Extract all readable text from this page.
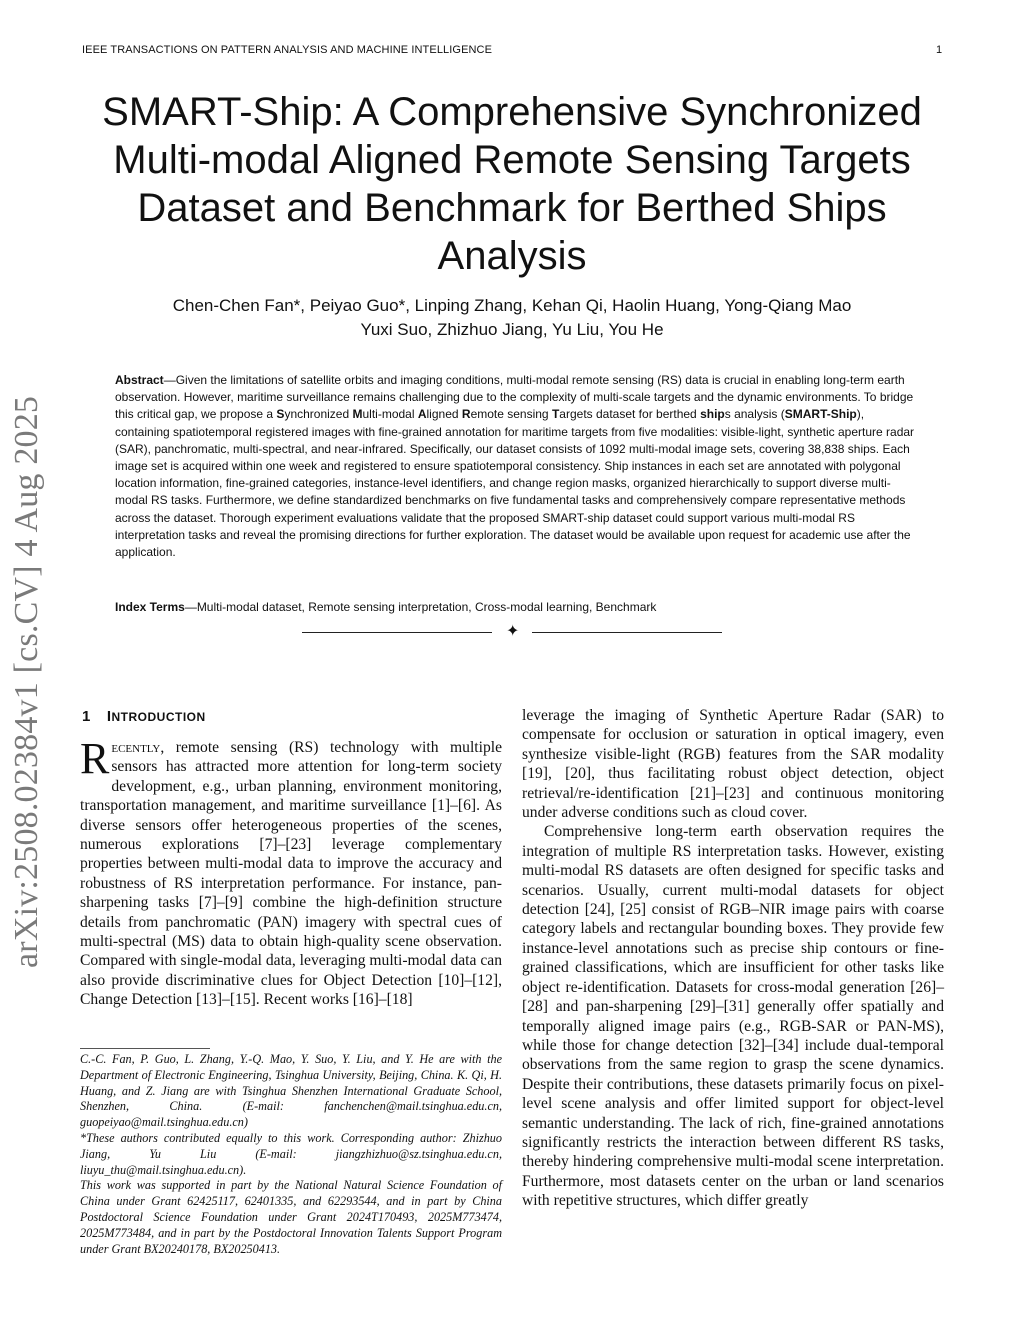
IEEE TRANSACTIONS ON PATTERN ANALYSIS AND MACHINE INTELLIGENCE	1
SMART-Ship: A Comprehensive Synchronized Multi-modal Aligned Remote Sensing Targets Dataset and Benchmark for Berthed Ships Analysis
Chen-Chen Fan*, Peiyao Guo*, Linping Zhang, Kehan Qi, Haolin Huang, Yong-Qiang Mao
Yuxi Suo, Zhizhuo Jiang, Yu Liu, You He

Abstract—Given the limitations of satellite orbits and imaging conditions, multi-modal remote sensing (RS) data is crucial in enabling long-term earth observation. However, maritime surveillance remains challenging due to the complexity of multi-scale targets and the dynamic environments. To bridge this critical gap, we propose a Synchronized Multi-modal Aligned Remote sensing Targets dataset for berthed ships analysis (SMART-Ship), containing spatiotemporal registered images with fine-grained annotation for maritime targets from five modalities: visible-light, synthetic aperture radar (SAR), panchromatic, multi-spectral, and near-infrared. Specifically, our dataset consists of 1092 multi-modal image sets, covering 38,838 ships. Each image set is acquired within one week and registered to ensure spatiotemporal consistency. Ship instances in each set are annotated with polygonal location information, fine-grained categories, instance-level identifiers, and change region masks, organized hierarchically to support diverse multi-modal RS tasks. Furthermore, we define standardized benchmarks on five fundamental tasks and comprehensively compare representative methods across the dataset. Thorough experiment evaluations validate that the proposed SMART-ship dataset could support various multi-modal RS interpretation tasks and reveal the promising directions for further exploration. The dataset would be available upon request for academic use after the application.

Index Terms—Multi-modal dataset, Remote sensing interpretation, Cross-modal learning, Benchmark
✦
arXiv:2508.02384v1 [cs.CV] 4 Aug 2025 1 INTRODUCTION

Recently, remote sensing (RS) technology with multiple sensors has attracted more attention for long-term society development, e.g., urban planning, environment monitoring, transportation management, and maritime surveillance [1]–[6]. As diverse sensors offer heterogeneous properties of the scenes, numerous explorations [7]–[23] leverage complementary properties between multi-modal data to improve the accuracy and robustness of RS interpretation performance. For instance, pan-sharpening tasks [7]–[9] combine the high-definition structure details from panchromatic (PAN) imagery with spectral cues of multi-spectral (MS) data to obtain high-quality scene observation. Compared with single-modal data, leveraging multi-modal data can also provide discriminative clues for Object Detection [10]–[12], Change Detection [13]–[15]. Recent works [16]–[18]

C.-C. Fan, P. Guo, L. Zhang, Y.-Q. Mao, Y. Suo, Y. Liu, and Y. He are with the Department of Electronic Engineering, Tsinghua University, Beijing, China. K. Qi, H. Huang, and Z. Jiang are with Tsinghua Shenzhen International Graduate School, Shenzhen, China. (E-mail: fanchenchen@mail.tsinghua.edu.cn, guopeiyao@mail.tsinghua.edu.cn)

*These authors contributed equally to this work. Corresponding author: Zhizhuo Jiang, Yu Liu (E-mail: jiangzhizhuo@sz.tsinghua.edu.cn, liuyu_thu@mail.tsinghua.edu.cn).

This work was supported in part by the National Natural Science Foundation of China under Grant 62425117, 62401335, and 62293544, and in part by China Postdoctoral Science Foundation under Grant 2024T170493, 2025M773474, 2025M773484, and in part by the Postdoctoral Innovation Talents Support Program under Grant BX20240178, BX20250413.

leverage the imaging of Synthetic Aperture Radar (SAR) to compensate for occlusion or saturation in optical imagery, even synthesize visible-light (RGB) features from the SAR modality [19], [20], thus facilitating robust object detection, object retrieval/re-identification [21]–[23] and continuous monitoring under adverse conditions such as cloud cover.

Comprehensive long-term earth observation requires the integration of multiple RS interpretation tasks. However, existing multi-modal RS datasets are often designed for specific tasks and scenarios. Usually, current multi-modal datasets for object detection [24], [25] consist of RGB–NIR image pairs with coarse category labels and rectangular bounding boxes. They provide few instance-level annotations such as precise ship contours or fine-grained classifications, which are insufficient for other tasks like object re-identification. Datasets for cross-modal generation [26]–[28] and pan-sharpening [29]–[31] generally offer spatially and temporally aligned image pairs (e.g., RGB-SAR or PAN-MS), while those for change detection [32]–[34] include dual-temporal observations from the same region to grasp the scene dynamics. Despite their contributions, these datasets primarily focus on pixel-level scene analysis and offer limited support for object-level semantic understanding. The lack of rich, fine-grained annotations significantly restricts the interaction between different RS tasks, thereby hindering comprehensive multi-modal scene interpretation. Furthermore, most datasets center on the urban or land scenarios with repetitive structures, which differ greatly
